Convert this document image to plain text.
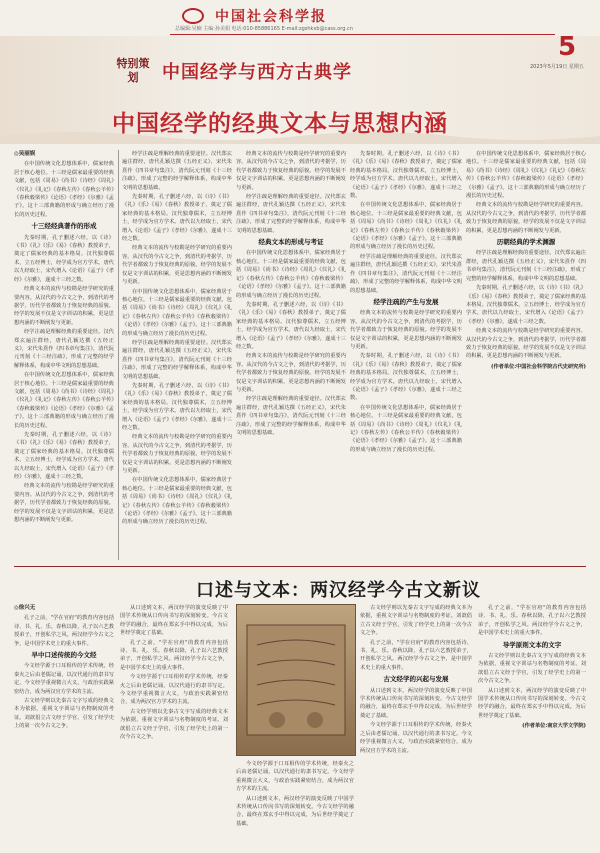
中国社会科学报
总编辑:吴楠 主编:孙美娟 电话:010-85886165 E-mail:zgshkxb@cass.org.cn
5
2023年5月19日 星期五
特别策划	中国经学与西方古典学
中国经学的经典文本与思想内涵
◎吴丽娱

在中国传统文化思想体系中，儒家经典居于核心地位。十三经是儒家最重要的经典文献，包括《周易》《尚书》《诗经》《周礼》《仪礼》《礼记》《春秋左传》《春秋公羊传》《春秋穀梁传》《论语》《孝经》《尔雅》《孟子》。这十三部典籍的形成与确立经历了漫长的历史过程。

十三经经典著作的形成

先秦时期，孔子删述六经，以《诗》《书》《礼》《乐》《易》《春秋》教授弟子，奠定了儒家经典的基本格局。汉代独尊儒术，立五经博士，经学成为官方学术。唐代以九经取士，宋代增入《论语》《孟子》《孝经》《尔雅》，遂成十三经之数。

经典文本的流传与校勘是经学研究的重要内容。从汉代的今古文之争，到清代的考据学，历代学者都致力于恢复经典的原貌。经学的发展不仅是文字训诂的积累，更是思想内涵的不断阐发与更新。

经学注疏是理解经典的重要途径。汉代郑玄遍注群经，唐代孔颖达撰《五经正义》，宋代朱熹作《四书章句集注》，清代阮元刊刻《十三经注疏》，形成了完整的经学解释体系，构成中华文明的思想基础。

在中国传统文化思想体系中，儒家经典居于核心地位。十三经是儒家最重要的经典文献，包括《周易》《尚书》《诗经》《周礼》《仪礼》《礼记》《春秋左传》《春秋公羊传》《春秋穀梁传》《论语》《孝经》《尔雅》《孟子》。这十三部典籍的形成与确立经历了漫长的历史过程。

先秦时期，孔子删述六经，以《诗》《书》《礼》《乐》《易》《春秋》教授弟子，奠定了儒家经典的基本格局。汉代独尊儒术，立五经博士，经学成为官方学术。唐代以九经取士，宋代增入《论语》《孟子》《孝经》《尔雅》，遂成十三经之数。

经典文本的流传与校勘是经学研究的重要内容。从汉代的今古文之争，到清代的考据学，历代学者都致力于恢复经典的原貌。经学的发展不仅是文字训诂的积累，更是思想内涵的不断阐发与更新。

经学注疏是理解经典的重要途径。汉代郑玄遍注群经，唐代孔颖达撰《五经正义》，宋代朱熹作《四书章句集注》，清代阮元刊刻《十三经注疏》，形成了完整的经学解释体系，构成中华文明的思想基础。

先秦时期，孔子删述六经，以《诗》《书》《礼》《乐》《易》《春秋》教授弟子，奠定了儒家经典的基本格局。汉代独尊儒术，立五经博士，经学成为官方学术。唐代以九经取士，宋代增入《论语》《孟子》《孝经》《尔雅》，遂成十三经之数。

经典文本的流传与校勘是经学研究的重要内容。从汉代的今古文之争，到清代的考据学，历代学者都致力于恢复经典的原貌。经学的发展不仅是文字训诂的积累，更是思想内涵的不断阐发与更新。

在中国传统文化思想体系中，儒家经典居于核心地位。十三经是儒家最重要的经典文献，包括《周易》《尚书》《诗经》《周礼》《仪礼》《礼记》《春秋左传》《春秋公羊传》《春秋穀梁传》《论语》《孝经》《尔雅》《孟子》。这十三部典籍的形成与确立经历了漫长的历史过程。

经学注疏是理解经典的重要途径。汉代郑玄遍注群经，唐代孔颖达撰《五经正义》，宋代朱熹作《四书章句集注》，清代阮元刊刻《十三经注疏》，形成了完整的经学解释体系，构成中华文明的思想基础。

先秦时期，孔子删述六经，以《诗》《书》《礼》《乐》《易》《春秋》教授弟子，奠定了儒家经典的基本格局。汉代独尊儒术，立五经博士，经学成为官方学术。唐代以九经取士，宋代增入《论语》《孟子》《孝经》《尔雅》，遂成十三经之数。

经典文本的流传与校勘是经学研究的重要内容。从汉代的今古文之争，到清代的考据学，历代学者都致力于恢复经典的原貌。经学的发展不仅是文字训诂的积累，更是思想内涵的不断阐发与更新。

在中国传统文化思想体系中，儒家经典居于核心地位。十三经是儒家最重要的经典文献，包括《周易》《尚书》《诗经》《周礼》《仪礼》《礼记》《春秋左传》《春秋公羊传》《春秋穀梁传》《论语》《孝经》《尔雅》《孟子》。这十三部典籍的形成与确立经历了漫长的历史过程。

经典文本的流传与校勘是经学研究的重要内容。从汉代的今古文之争，到清代的考据学，历代学者都致力于恢复经典的原貌。经学的发展不仅是文字训诂的积累，更是思想内涵的不断阐发与更新。

经学注疏是理解经典的重要途径。汉代郑玄遍注群经，唐代孔颖达撰《五经正义》，宋代朱熹作《四书章句集注》，清代阮元刊刻《十三经注疏》，形成了完整的经学解释体系，构成中华文明的思想基础。

经典文本的形成与考证

在中国传统文化思想体系中，儒家经典居于核心地位。十三经是儒家最重要的经典文献，包括《周易》《尚书》《诗经》《周礼》《仪礼》《礼记》《春秋左传》《春秋公羊传》《春秋穀梁传》《论语》《孝经》《尔雅》《孟子》。这十三部典籍的形成与确立经历了漫长的历史过程。

先秦时期，孔子删述六经，以《诗》《书》《礼》《乐》《易》《春秋》教授弟子，奠定了儒家经典的基本格局。汉代独尊儒术，立五经博士，经学成为官方学术。唐代以九经取士，宋代增入《论语》《孟子》《孝经》《尔雅》，遂成十三经之数。

经典文本的流传与校勘是经学研究的重要内容。从汉代的今古文之争，到清代的考据学，历代学者都致力于恢复经典的原貌。经学的发展不仅是文字训诂的积累，更是思想内涵的不断阐发与更新。

经学注疏是理解经典的重要途径。汉代郑玄遍注群经，唐代孔颖达撰《五经正义》，宋代朱熹作《四书章句集注》，清代阮元刊刻《十三经注疏》，形成了完整的经学解释体系，构成中华文明的思想基础。

先秦时期，孔子删述六经，以《诗》《书》《礼》《乐》《易》《春秋》教授弟子，奠定了儒家经典的基本格局。汉代独尊儒术，立五经博士，经学成为官方学术。唐代以九经取士，宋代增入《论语》《孟子》《孝经》《尔雅》，遂成十三经之数。

在中国传统文化思想体系中，儒家经典居于核心地位。十三经是儒家最重要的经典文献，包括《周易》《尚书》《诗经》《周礼》《仪礼》《礼记》《春秋左传》《春秋公羊传》《春秋穀梁传》《论语》《孝经》《尔雅》《孟子》。这十三部典籍的形成与确立经历了漫长的历史过程。

经学注疏是理解经典的重要途径。汉代郑玄遍注群经，唐代孔颖达撰《五经正义》，宋代朱熹作《四书章句集注》，清代阮元刊刻《十三经注疏》，形成了完整的经学解释体系，构成中华文明的思想基础。

经学注疏的产生与发展

经典文本的流传与校勘是经学研究的重要内容。从汉代的今古文之争，到清代的考据学，历代学者都致力于恢复经典的原貌。经学的发展不仅是文字训诂的积累，更是思想内涵的不断阐发与更新。

先秦时期，孔子删述六经，以《诗》《书》《礼》《乐》《易》《春秋》教授弟子，奠定了儒家经典的基本格局。汉代独尊儒术，立五经博士，经学成为官方学术。唐代以九经取士，宋代增入《论语》《孟子》《孝经》《尔雅》，遂成十三经之数。

在中国传统文化思想体系中，儒家经典居于核心地位。十三经是儒家最重要的经典文献，包括《周易》《尚书》《诗经》《周礼》《仪礼》《礼记》《春秋左传》《春秋公羊传》《春秋穀梁传》《论语》《孝经》《尔雅》《孟子》。这十三部典籍的形成与确立经历了漫长的历史过程。

在中国传统文化思想体系中，儒家经典居于核心地位。十三经是儒家最重要的经典文献，包括《周易》《尚书》《诗经》《周礼》《仪礼》《礼记》《春秋左传》《春秋公羊传》《春秋穀梁传》《论语》《孝经》《尔雅》《孟子》。这十三部典籍的形成与确立经历了漫长的历史过程。

经典文本的流传与校勘是经学研究的重要内容。从汉代的今古文之争，到清代的考据学，历代学者都致力于恢复经典的原貌。经学的发展不仅是文字训诂的积累，更是思想内涵的不断阐发与更新。

历朝经典的学术渊源

经学注疏是理解经典的重要途径。汉代郑玄遍注群经，唐代孔颖达撰《五经正义》，宋代朱熹作《四书章句集注》，清代阮元刊刻《十三经注疏》，形成了完整的经学解释体系，构成中华文明的思想基础。

先秦时期，孔子删述六经，以《诗》《书》《礼》《乐》《易》《春秋》教授弟子，奠定了儒家经典的基本格局。汉代独尊儒术，立五经博士，经学成为官方学术。唐代以九经取士，宋代增入《论语》《孟子》《孝经》《尔雅》，遂成十三经之数。

经典文本的流传与校勘是经学研究的重要内容。从汉代的今古文之争，到清代的考据学，历代学者都致力于恢复经典的原貌。经学的发展不仅是文字训诂的积累，更是思想内涵的不断阐发与更新。

(作者单位:中国社会科学院古代史研究所)
口述与文本：两汉经学今古文新议
◎徐兴无

孔子之前，"学在官府"的教育内容包括诗、书、礼、乐。春秋以降，孔子以六艺教授弟子，开创私学之风。两汉经学今古文之争，是中国学术史上的重大事件。

早中口述传统的今文经

今文经学源于口耳相传的学术传统，经秦火之后由老儒记诵，以汉代通行的隶书写定。今文经学重视微言大义，与政治实践紧密结合，成为两汉官方学术的主流。

古文经学则以先秦古文字写成的经典文本为依据，重视文字训诂与名物制度的考证。刘歆倡立古文经于学官，引发了经学史上的第一次今古文之争。

从口述到文本，两汉经学的演变反映了中国学术传统从口传向书写的深刻转变。今古文经学的融合，最终在郑玄手中得以完成，为后世经学奠定了基础。

孔子之前，"学在官府"的教育内容包括诗、书、礼、乐。春秋以降，孔子以六艺教授弟子，开创私学之风。两汉经学今古文之争，是中国学术史上的重大事件。

今文经学源于口耳相传的学术传统，经秦火之后由老儒记诵，以汉代通行的隶书写定。今文经学重视微言大义，与政治实践紧密结合，成为两汉官方学术的主流。

古文经学则以先秦古文字写成的经典文本为依据，重视文字训诂与名物制度的考证。刘歆倡立古文经于学官，引发了经学史上的第一次今古文之争。

今文经学源于口耳相传的学术传统，经秦火之后由老儒记诵，以汉代通行的隶书写定。今文经学重视微言大义，与政治实践紧密结合，成为两汉官方学术的主流。

从口述到文本，两汉经学的演变反映了中国学术传统从口传向书写的深刻转变。今古文经学的融合，最终在郑玄手中得以完成，为后世经学奠定了基础。

古文经学则以先秦古文字写成的经典文本为依据，重视文字训诂与名物制度的考证。刘歆倡立古文经于学官，引发了经学史上的第一次今古文之争。

孔子之前，"学在官府"的教育内容包括诗、书、礼、乐。春秋以降，孔子以六艺教授弟子，开创私学之风。两汉经学今古文之争，是中国学术史上的重大事件。

古文经学的兴起与发展

从口述到文本，两汉经学的演变反映了中国学术传统从口传向书写的深刻转变。今古文经学的融合，最终在郑玄手中得以完成，为后世经学奠定了基础。

今文经学源于口耳相传的学术传统，经秦火之后由老儒记诵，以汉代通行的隶书写定。今文经学重视微言大义，与政治实践紧密结合，成为两汉官方学术的主流。

孔子之前，"学在官府"的教育内容包括诗、书、礼、乐。春秋以降，孔子以六艺教授弟子，开创私学之风。两汉经学今古文之争，是中国学术史上的重大事件。

导学原则文本的文字

古文经学则以先秦古文字写成的经典文本为依据，重视文字训诂与名物制度的考证。刘歆倡立古文经于学官，引发了经学史上的第一次今古文之争。

从口述到文本，两汉经学的演变反映了中国学术传统从口传向书写的深刻转变。今古文经学的融合，最终在郑玄手中得以完成，为后世经学奠定了基础。

(作者单位:南京大学文学院)
